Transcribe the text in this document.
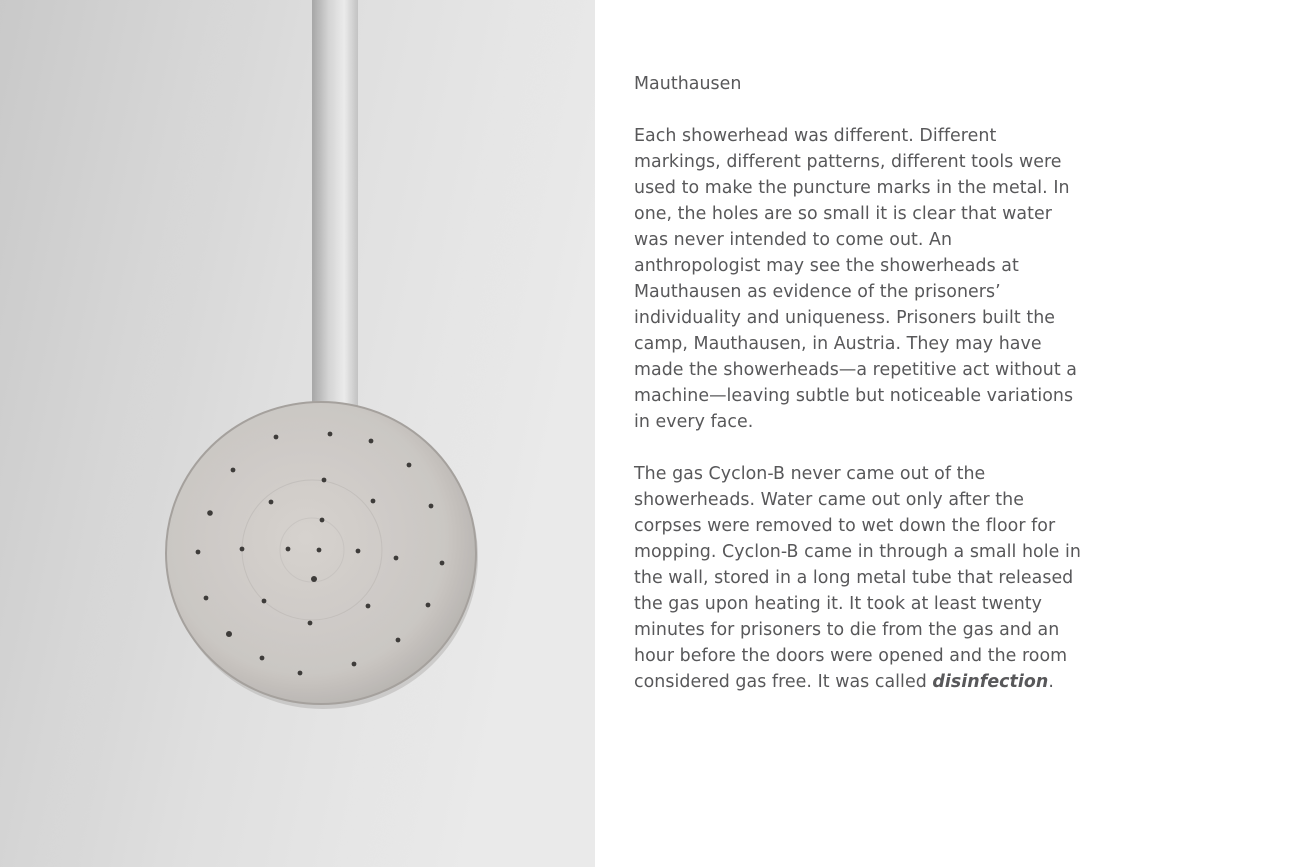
Mauthausen

Each showerhead was different. Different markings, different patterns, different tools were used to make the puncture marks in the metal. In one, the holes are so small it is clear that water was never intended to come out. An anthropologist may see the showerheads at Mauthausen as evidence of the prisoners’ individuality and uniqueness. Prisoners built the camp, Mauthausen, in Austria. They may have made the showerheads—a repetitive act without a machine—leaving subtle but noticeable variations in every face.

The gas Cyclon-B never came out of the showerheads. Water came out only after the corpses were removed to wet down the floor for mopping. Cyclon-B came in through a small hole in the wall, stored in a long metal tube that released the gas upon heating it. It took at least twenty minutes for prisoners to die from the gas and an hour before the doors were opened and the room considered gas free. It was called disinfection.
